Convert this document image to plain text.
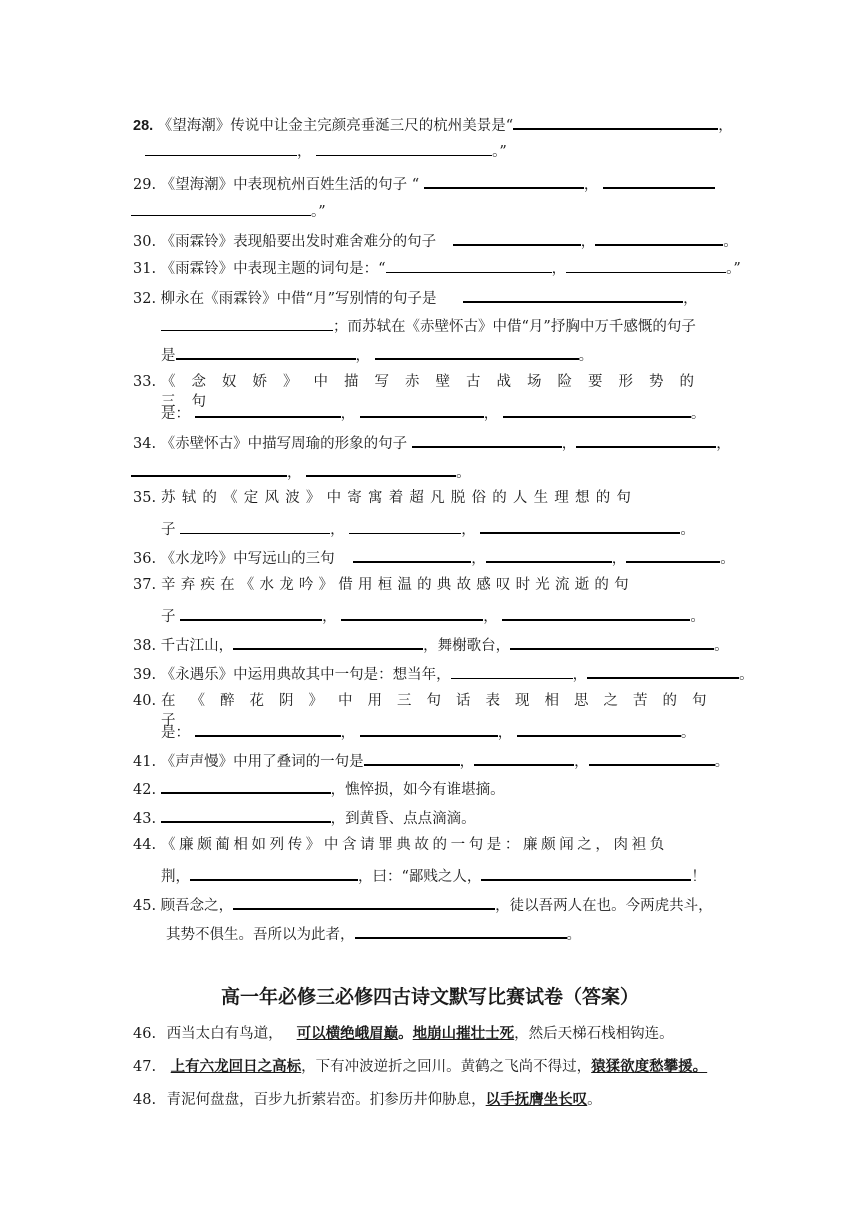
28. 《望海潮》传说中让金主完颜亮垂涎三尺的杭州美景是“	，
，	。”
29. 《望海潮》中表现杭州百姓生活的句子 “	，
。”
30. 《雨霖铃》表现船要出发时难舍难分的句子	，	。
31. 《雨霖铃》中表现主题的词句是：“	，	。”
32. 柳永在《雨霖铃》中借“月”写别情的句子是	，
；而苏轼在《赤壁怀古》中借“月”抒胸中万千感慨的句子
是	，	。
33. 《念奴娇》中描写赤壁古战场险要形势的三句
是：	，	，	。
34. 《赤壁怀古》中描写周瑜的形象的句子	，	，
，	。
35. 苏轼的《定风波》中寄寓着超凡脱俗的人生理想的句
子	，	，	。
36. 《水龙吟》中写远山的三句	，	，	。
37. 辛弃疾在《水龙吟》借用桓温的典故感叹时光流逝的句
子	，	，	。
38. 千古江山，	，舞榭歌台，	。
39. 《永遇乐》中运用典故其中一句是：想当年，	，	。
40. 在《醉花阴》中用三句话表现相思之苦的句子
是：	，	，	。
41. 《声声慢》中用了叠词的一句是	，	，	。
42.	，憔悴损，如今有谁堪摘。
43.	，到黄昏、点点滴滴。
44. 《廉颇蔺相如列传》中含请罪典故的一句是：廉颇闻之，肉袒负
荆，	，曰：“鄙贱之人，	！
45. 顾吾念之，	，徒以吾两人在也。今两虎共斗，
其势不俱生。吾所以为此者，	。
高一年必修三必修四古诗文默写比赛试卷（答案）
46. 西当太白有鸟道， 可以横绝峨眉巅。地崩山摧壮士死，然后天梯石栈相钩连。
47. 上有六龙回日之高标，下有冲波逆折之回川。黄鹤之飞尚不得过，猿猱欲度愁攀援。
48. 青泥何盘盘，百步九折萦岩峦。扪参历井仰胁息，以手抚膺坐长叹。
